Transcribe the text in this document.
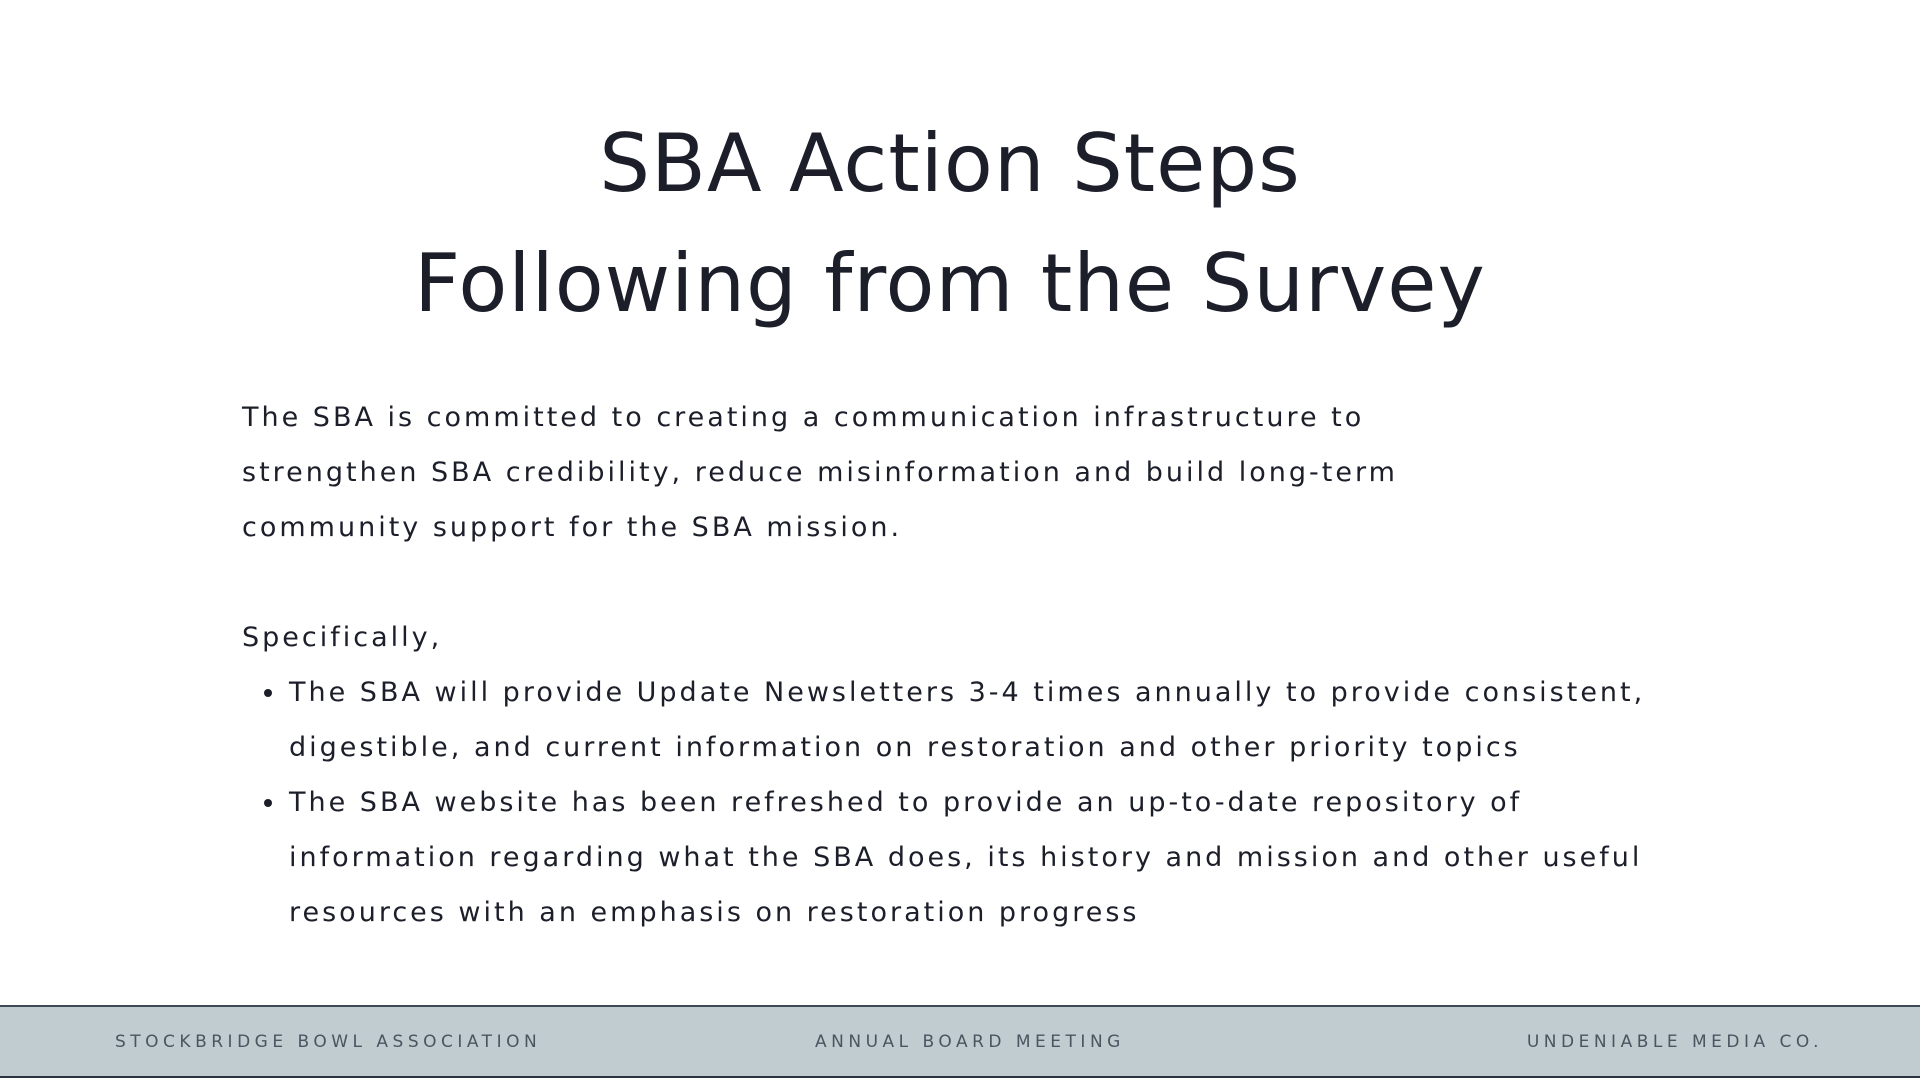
SBA Action Steps
Following from the Survey

The SBA is committed to creating a communication infrastructure to strengthen SBA credibility, reduce misinformation and build long-term community support for the SBA mission.

Specifically,

The SBA will provide Update Newsletters 3-4 times annually to provide consistent, digestible, and current information on restoration and other priority topics
The SBA website has been refreshed to provide an up-to-date repository of information regarding what the SBA does, its history and mission and other useful resources with an emphasis on restoration progress
STOCKBRIDGE BOWL ASSOCIATION	ANNUAL BOARD MEETING	UNDENIABLE MEDIA CO.
